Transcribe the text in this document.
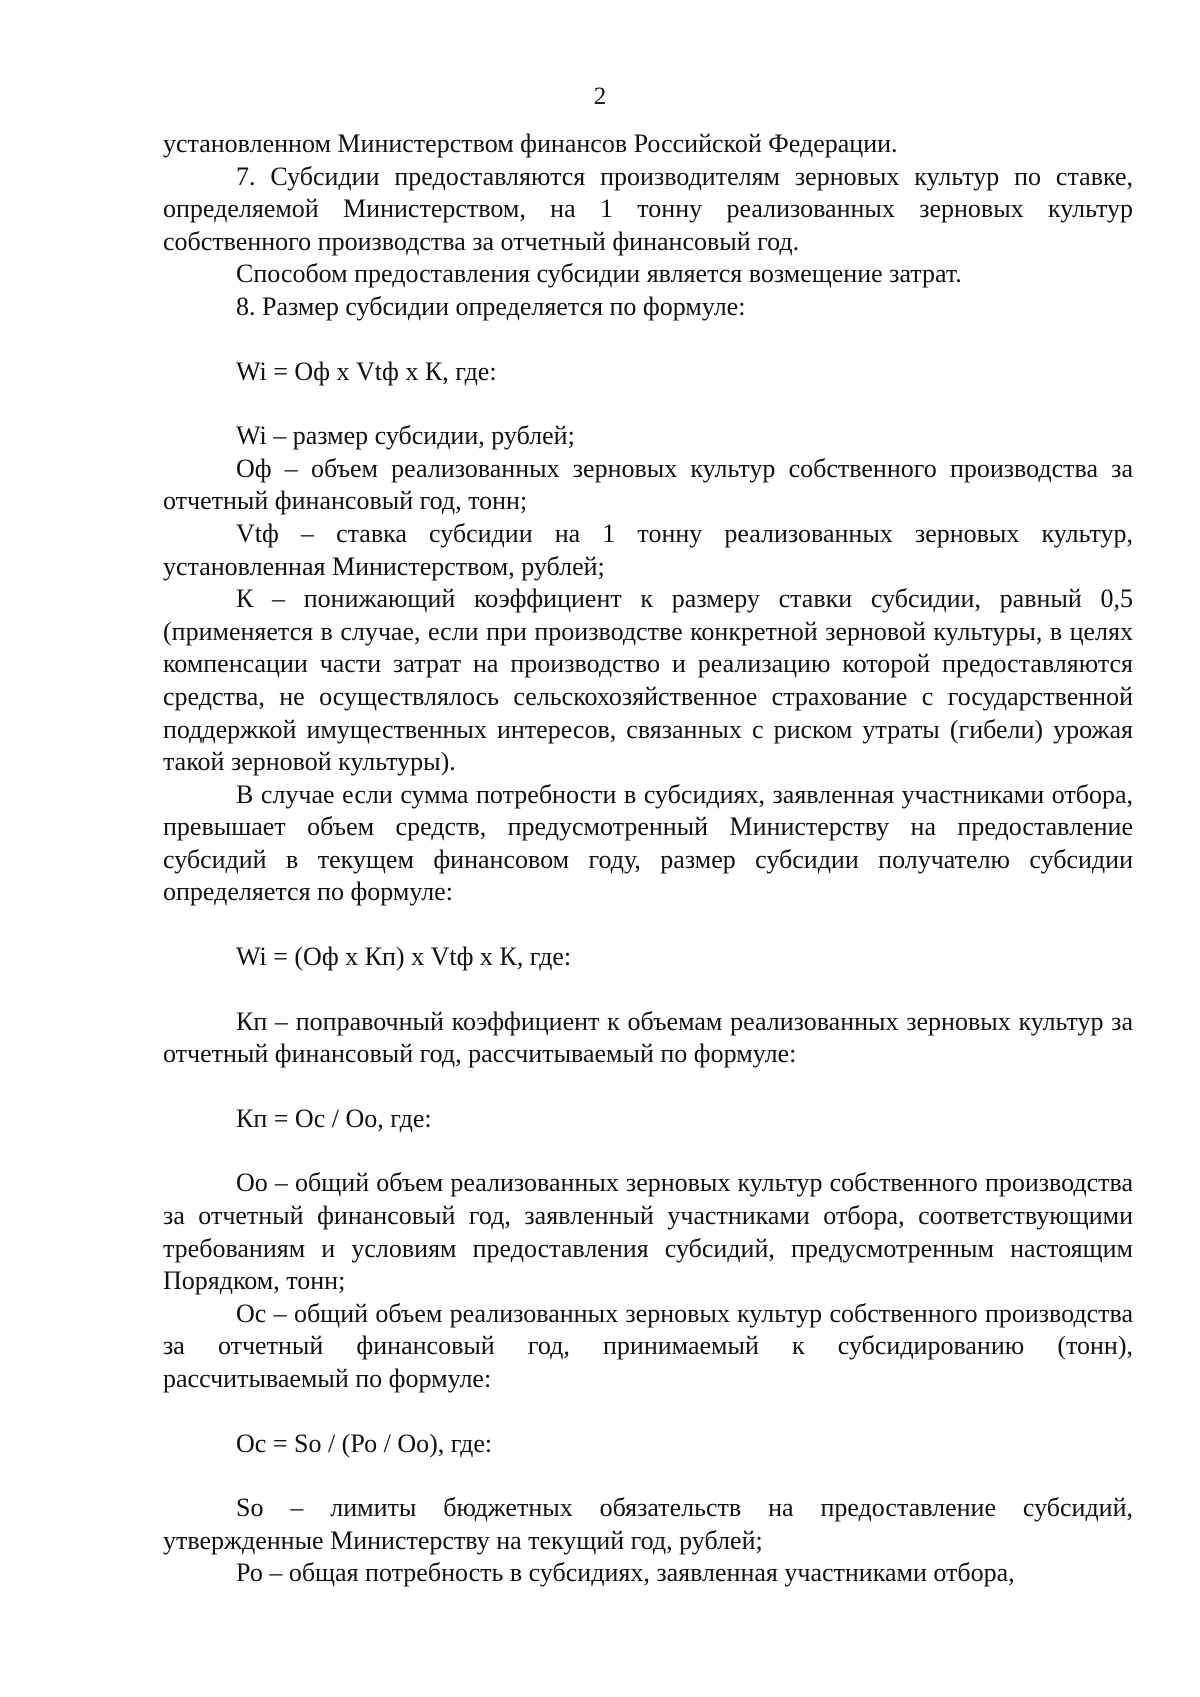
2

установленном Министерством финансов Российской Федерации.

7. Субсидии предоставляются производителям зерновых культур по ставке, определяемой Министерством, на 1 тонну реализованных зерновых культур собственного производства за отчетный финансовый год.

Способом предоставления субсидии является возмещение затрат.

8. Размер субсидии определяется по формуле:

Wi = Оф х Vtф х К, где:

Wi – размер субсидии, рублей;

Оф – объем реализованных зерновых культур собственного производства за отчетный финансовый год, тонн;

Vtф – ставка субсидии на 1 тонну реализованных зерновых культур, установленная Министерством, рублей;

К – понижающий коэффициент к размеру ставки субсидии, равный 0,5 (применяется в случае, если при производстве конкретной зерновой культуры, в целях компенсации части затрат на производство и реализацию которой предоставляются средства, не осуществлялось сельскохозяйственное страхование с государственной поддержкой имущественных интересов, связанных с риском утраты (гибели) урожая такой зерновой культуры).

В случае если сумма потребности в субсидиях, заявленная участниками отбора, превышает объем средств, предусмотренный Министерству на предоставление субсидий в текущем финансовом году, размер субсидии получателю субсидии определяется по формуле:

Wi = (Оф х Кп) х Vtф х К, где:

Кп – поправочный коэффициент к объемам реализованных зерновых культур за отчетный финансовый год, рассчитываемый по формуле:

Кп = Ос / Оо, где:

Оо – общий объем реализованных зерновых культур собственного производства за отчетный финансовый год, заявленный участниками отбора, соответствующими требованиям и условиям предоставления субсидий, предусмотренным настоящим Порядком, тонн;

Ос – общий объем реализованных зерновых культур собственного производства за отчетный финансовый год, принимаемый к субсидированию (тонн), рассчитываемый по формуле:

Ос = So / (Ро / Оо), где:

So – лимиты бюджетных обязательств на предоставление субсидий, утвержденные Министерству на текущий год, рублей;

Ро – общая потребность в субсидиях, заявленная участниками отбора,
